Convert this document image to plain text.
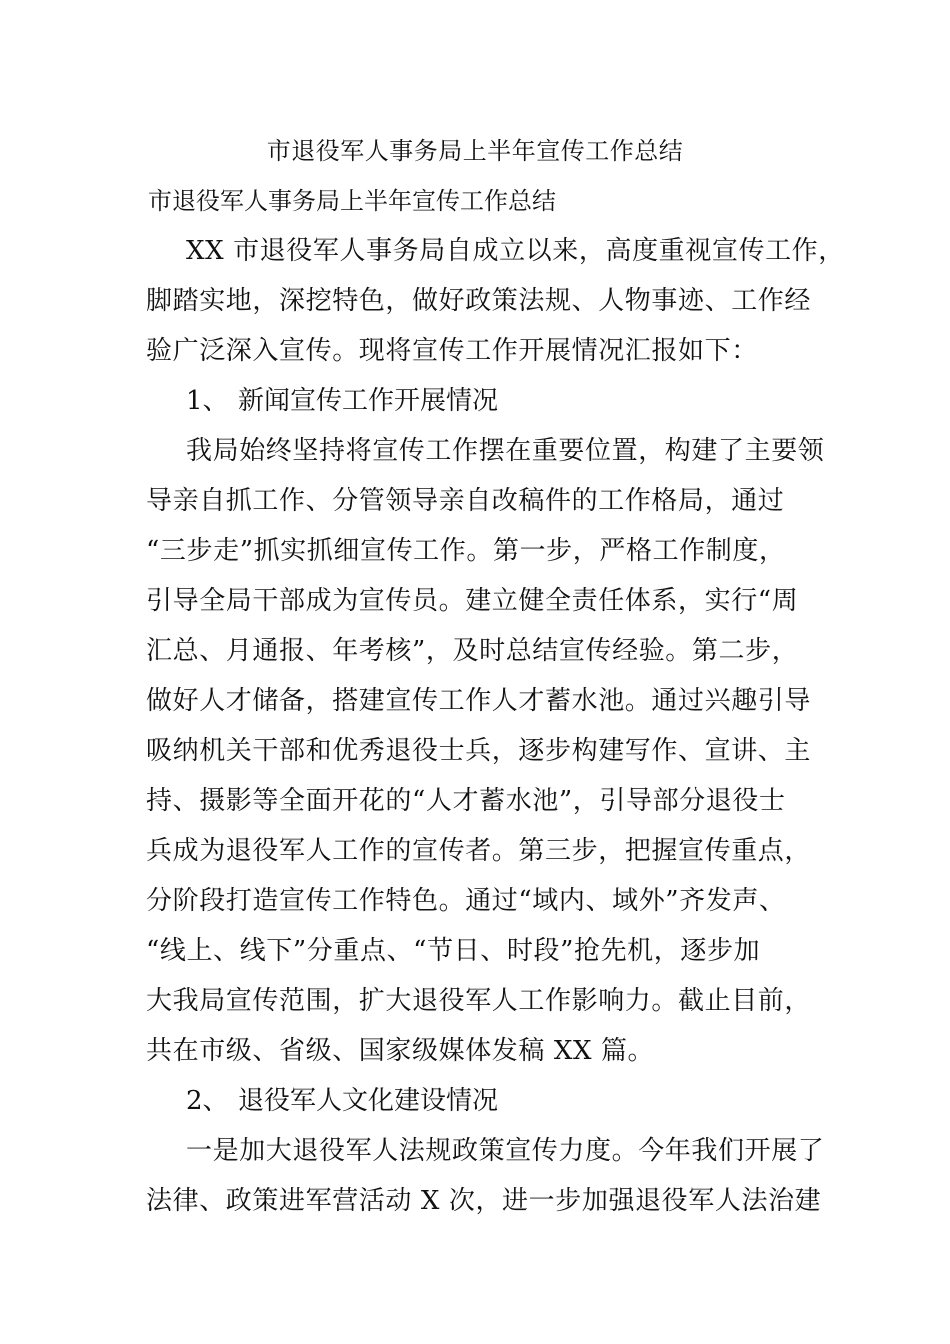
市退役军人事务局上半年宣传工作总结
市退役军人事务局上半年宣传工作总结
XX 市退役军人事务局自成立以来，高度重视宣传工作，
脚踏实地，深挖特色，做好政策法规、人物事迹、工作经
验广泛深入宣传。现将宣传工作开展情况汇报如下：
1、 新闻宣传工作开展情况
我局始终坚持将宣传工作摆在重要位置，构建了主要领
导亲自抓工作、分管领导亲自改稿件的工作格局，通过
“三步走”抓实抓细宣传工作。第一步，严格工作制度，
引导全局干部成为宣传员。建立健全责任体系，实行“周
汇总、月通报、年考核”，及时总结宣传经验。第二步，
做好人才储备，搭建宣传工作人才蓄水池。通过兴趣引导
吸纳机关干部和优秀退役士兵，逐步构建写作、宣讲、主
持、摄影等全面开花的“人才蓄水池”，引导部分退役士
兵成为退役军人工作的宣传者。第三步，把握宣传重点，
分阶段打造宣传工作特色。通过“域内、域外”齐发声、
“线上、线下”分重点、“节日、时段”抢先机，逐步加
大我局宣传范围，扩大退役军人工作影响力。截止目前，
共在市级、省级、国家级媒体发稿 XX 篇。
2、 退役军人文化建设情况
一是加大退役军人法规政策宣传力度。今年我们开展了
法律、政策进军营活动 X 次，进一步加强退役军人法治建
